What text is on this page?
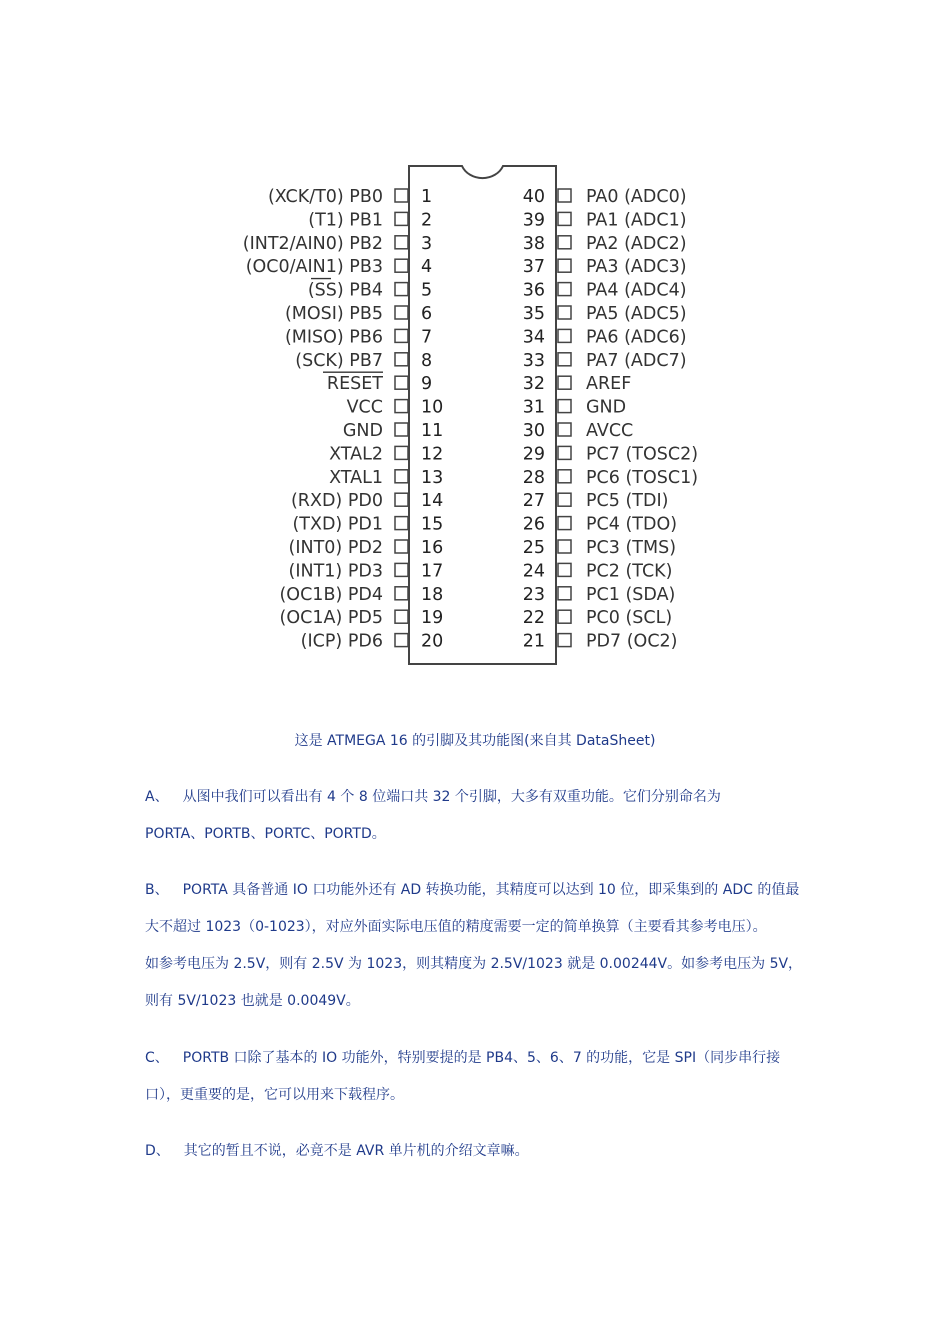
1
(XCK/T0) PB0
2
(T1) PB1
3
(INT2/AIN0) PB2
4
(OC0/AIN1) PB3
5
(SS) PB4
6
(MOSI) PB5
7
(MISO) PB6
8
(SCK) PB7
9
RESET
10
VCC
11
GND
12
XTAL2
13
XTAL1
14
(RXD) PD0
15
(TXD) PD1
16
(INT0) PD2
17
(INT1) PD3
18
(OC1B) PD4
19
(OC1A) PD5
20
(ICP) PD6
40 PA0 (ADC0)
39 PA1 (ADC1)
38 PA2 (ADC2)
37 PA3 (ADC3)
36 PA4 (ADC4)
35 PA5 (ADC5)
34 PA6 (ADC6)
33 PA7 (ADC7)
32 AREF
31 GND
30 AVCC
29 PC7 (TOSC2)
28 PC6 (TOSC1)
27 PC5 (TDI)
26 PC4 (TDO)
25 PC3 (TMS)
24 PC2 (TCK)
23 PC1 (SDA)
22 PC0 (SCL)
21 PD7 (OC2)
这是 ATMEGA 16 的引脚及其功能图(来自其 DataSheet)
A、 从图中我们可以看出有 4 个 8 位端口共 32 个引脚，大多有双重功能。它们分别命名为
PORTA、PORTB、PORTC、PORTD。
B、 PORTA 具备普通 IO 口功能外还有 AD 转换功能，其精度可以达到 10 位，即采集到的 ADC 的值最
大不超过 1023（0-1023），对应外面实际电压值的精度需要一定的简单换算（主要看其参考电压）。
如参考电压为 2.5V，则有 2.5V 为 1023，则其精度为 2.5V/1023 就是 0.00244V。如参考电压为 5V，
则有 5V/1023 也就是 0.0049V。
C、 PORTB 口除了基本的 IO 功能外，特别要提的是 PB4、5、6、7 的功能，它是 SPI（同步串行接
口），更重要的是，它可以用来下载程序。
D、 其它的暂且不说，必竟不是 AVR 单片机的介绍文章嘛。
